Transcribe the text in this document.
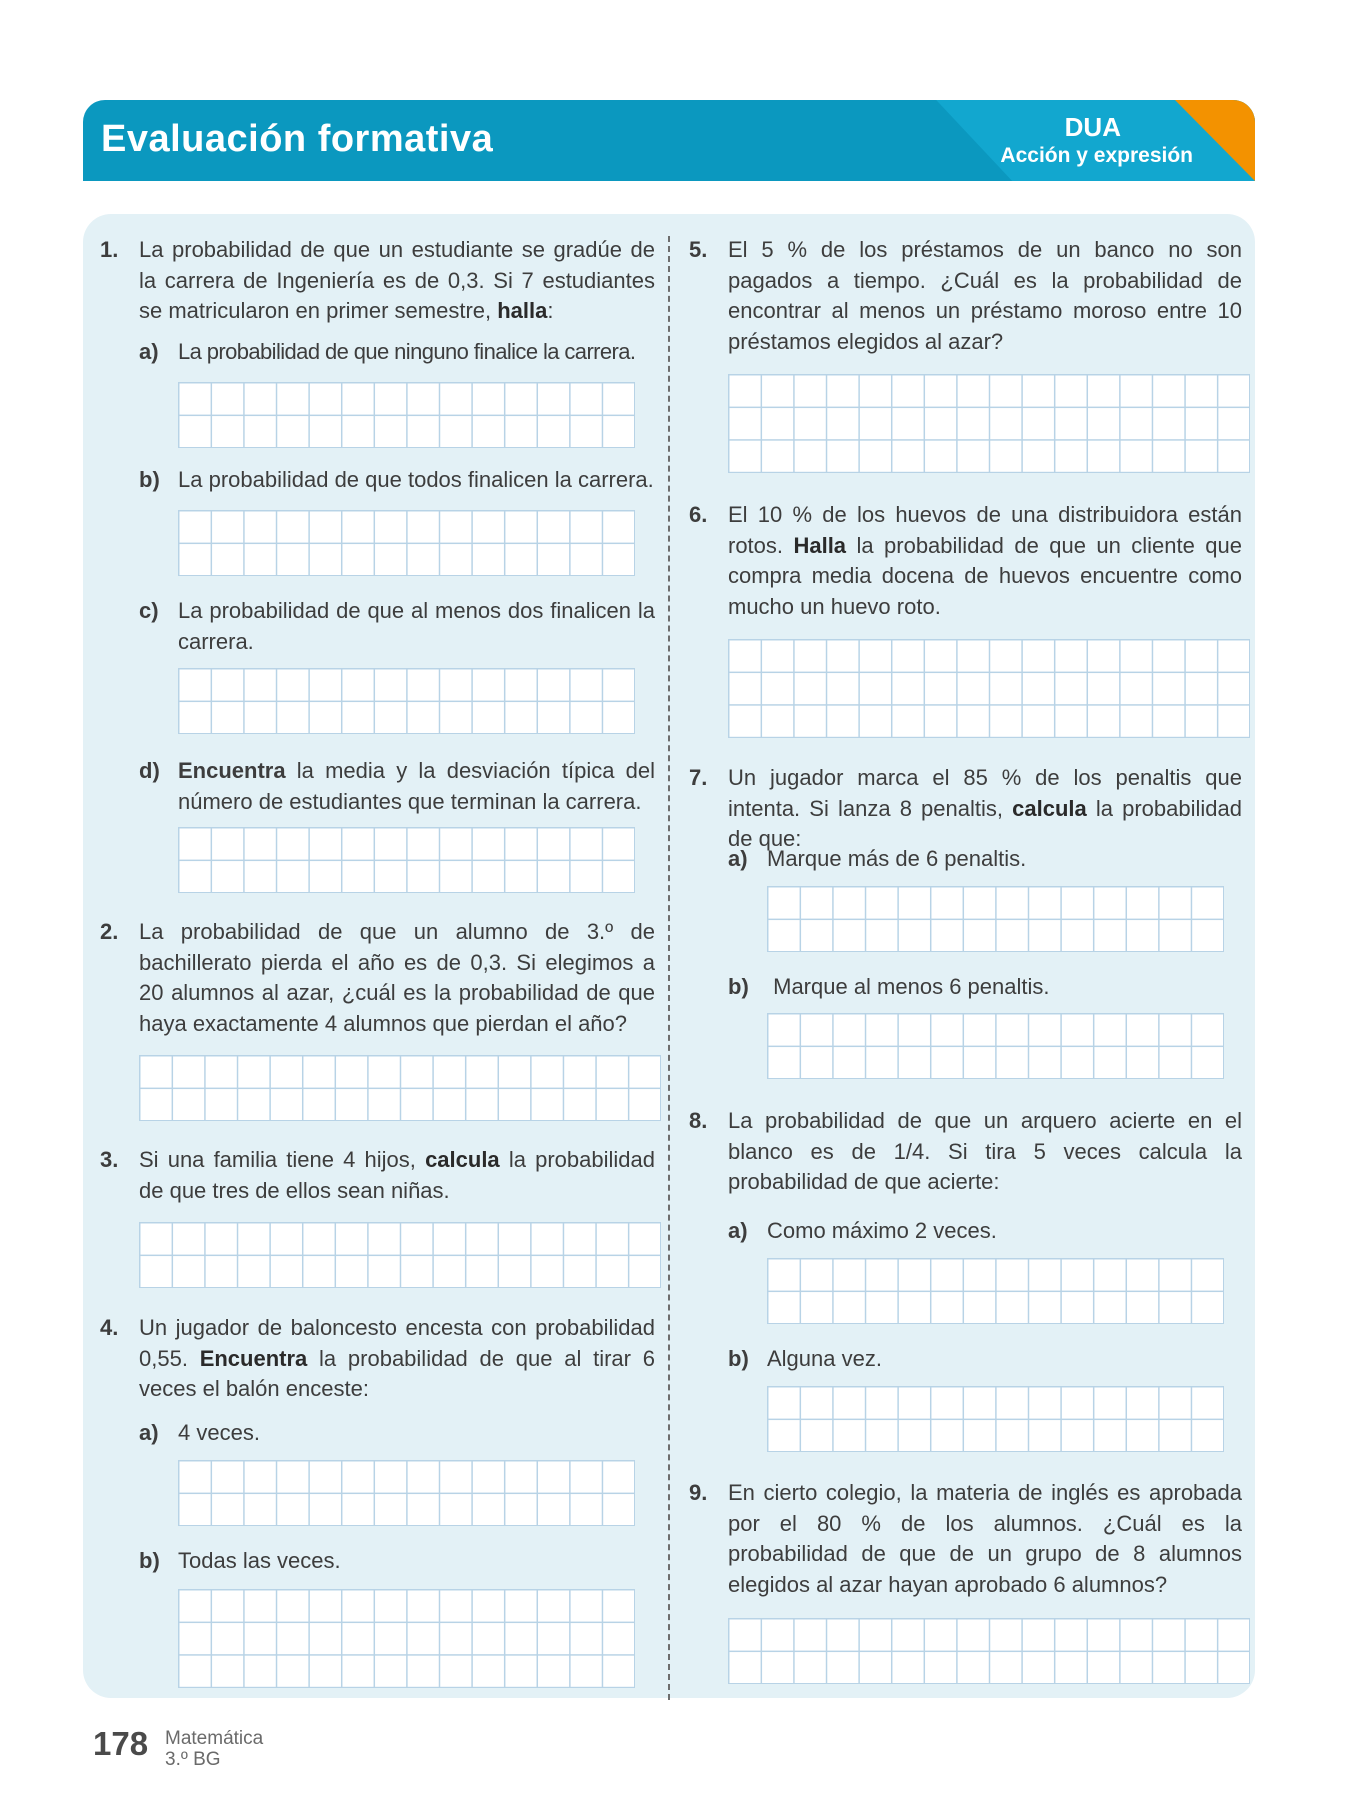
Evaluación formativa	DUA
Acción y expresión
1. La probabilidad de que un estudiante se gradúe de la carrera de Ingeniería es de 0,3. Si 7 estudiantes se matricularon en primer semestre, halla:
a) La probabilidad de que ninguno finalice la carrera.
b) La probabilidad de que todos finalicen la carrera.
c) La probabilidad de que al menos dos finalicen la carrera.
d) Encuentra la media y la desviación típica del número de estudiantes que terminan la carrera.
2. La probabilidad de que un alumno de 3.º de bachillerato pierda el año es de 0,3. Si elegimos a 20 alumnos al azar, ¿cuál es la probabilidad de que haya exactamente 4 alumnos que pierdan el año?
3. Si una familia tiene 4 hijos, calcula la probabilidad de que tres de ellos sean niñas.
4. Un jugador de baloncesto encesta con probabilidad 0,55. Encuentra la probabilidad de que al tirar 6 veces el balón enceste:
a) 4 veces.
b) Todas las veces.
5. El 5 % de los préstamos de un banco no son pagados a tiempo. ¿Cuál es la probabilidad de encontrar al menos un préstamo moroso entre 10 préstamos elegidos al azar?
6. El 10 % de los huevos de una distribuidora están rotos. Halla la probabilidad de que un cliente que compra media docena de huevos encuentre como mucho un huevo roto.
7. Un jugador marca el 85 % de los penaltis que intenta. Si lanza 8 penaltis, calcula la probabilidad de que:
a) Marque más de 6 penaltis.
b) Marque al menos 6 penaltis.
8. La probabilidad de que un arquero acierte en el blanco es de 1/4. Si tira 5 veces calcula la probabilidad de que acierte:
a) Como máximo 2 veces.
b) Alguna vez.
9. En cierto colegio, la materia de inglés es aprobada por el 80 % de los alumnos. ¿Cuál es la probabilidad de que de un grupo de 8 alumnos elegidos al azar hayan aprobado 6 alumnos?
178 Matemática
3.º BG
